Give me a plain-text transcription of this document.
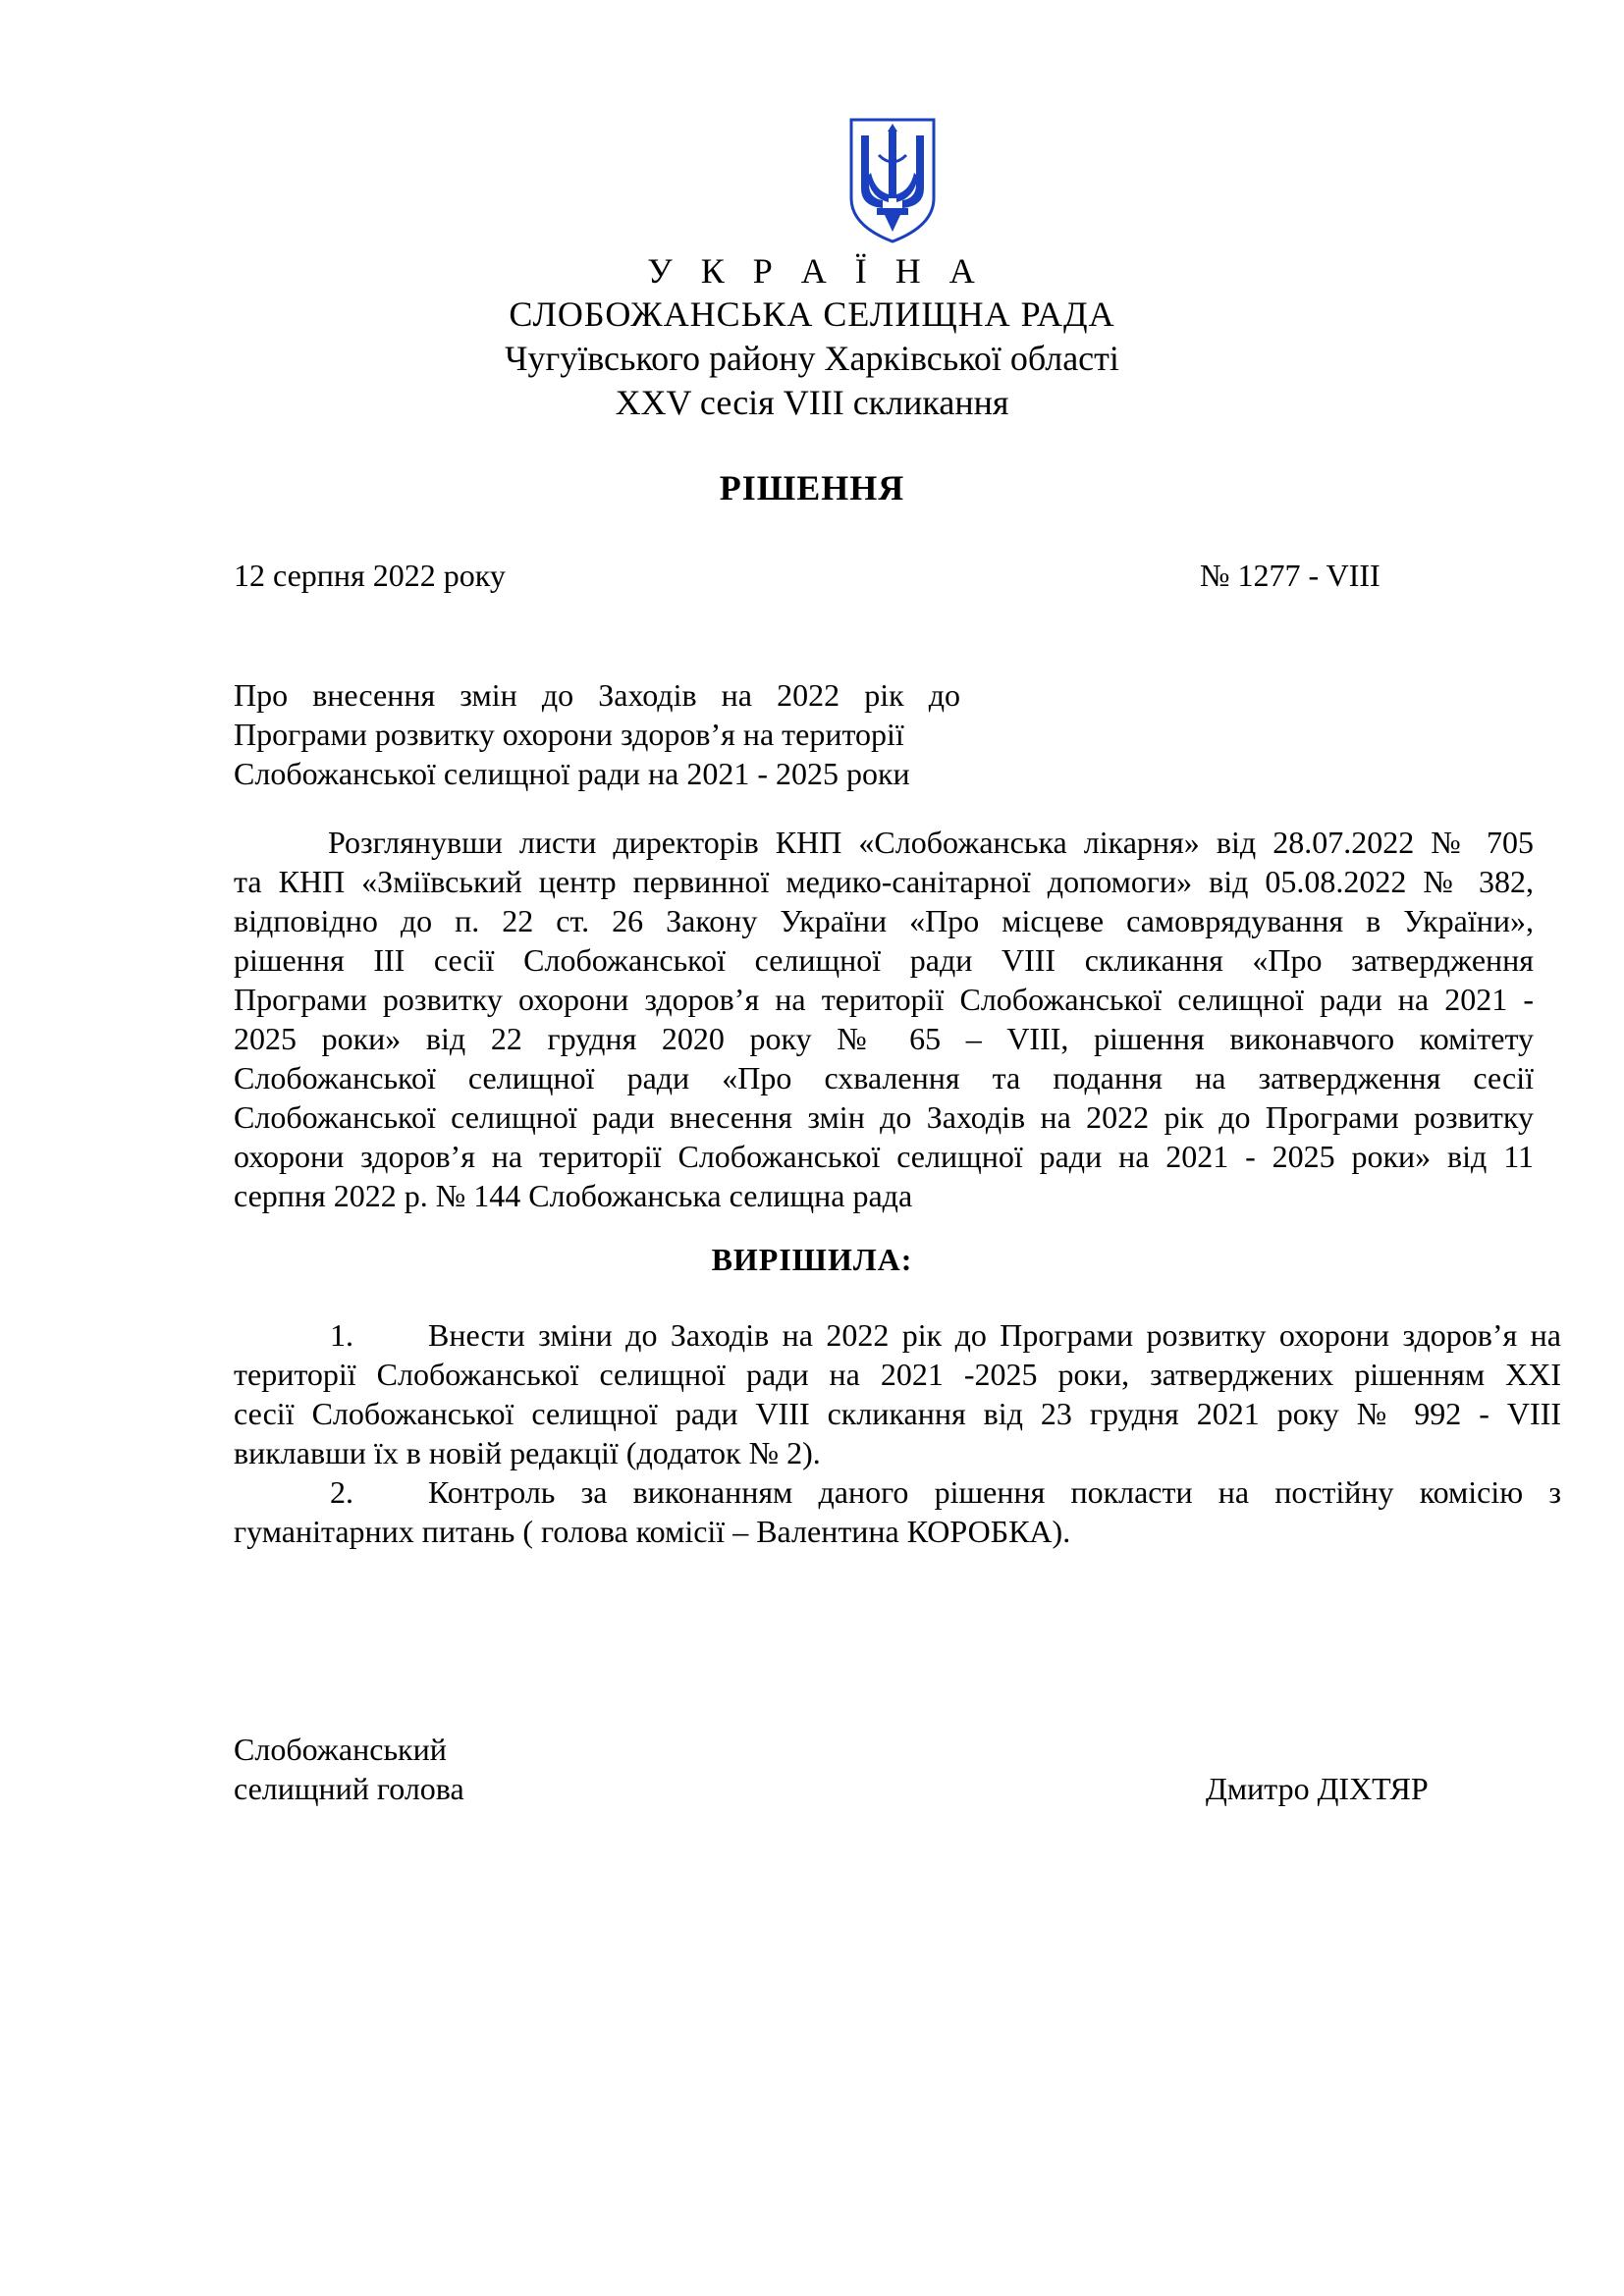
У К Р А Ї Н А
СЛОБОЖАНСЬКА СЕЛИЩНА РАДА
Чугуївського району Харківської області
XXV сесія VIII скликання
РІШЕННЯ
12 серпня 2022 року	№ 1277 - VIII
Про внесення змін до Заходів на 2022 рік до
Програми розвитку охорони здоров’я на території
Слобожанської селищної ради на 2021 - 2025 роки
Розглянувши листи директорів КНП «Слобожанська лікарня» від 28.07.2022 № 705
та КНП «Зміївський центр первинної медико-санітарної допомоги» від 05.08.2022 № 382,
відповідно до п. 22 ст. 26 Закону України «Про місцеве самоврядування в України»,
рішення ІІІ сесії Слобожанської селищної ради VIII скликання «Про затвердження
Програми розвитку охорони здоров’я на території Слобожанської селищної ради на 2021 -
2025 роки» від 22 грудня 2020 року № 65 – VIII, рішення виконавчого комітету
Слобожанської селищної ради «Про схвалення та подання на затвердження сесії
Слобожанської селищної ради внесення змін до Заходів на 2022 рік до Програми розвитку
охорони здоров’я на території Слобожанської селищної ради на 2021 - 2025 роки» від 11
серпня 2022 р. № 144 Слобожанська селищна рада
ВИРІШИЛА:
1. Внести зміни до Заходів на 2022 рік до Програми розвитку охорони здоров’я на
території Слобожанської селищної ради на 2021 -2025 роки, затверджених рішенням XXІ
сесії Слобожанської селищної ради VIII скликання від 23 грудня 2021 року № 992 - VIII
виклавши їх в новій редакції (додаток № 2).
2. Контроль за виконанням даного рішення покласти на постійну комісію з
гуманітарних питань ( голова комісії – Валентина КОРОБКА).
Слобожанський
селищний голова	Дмитро ДІХТЯР
